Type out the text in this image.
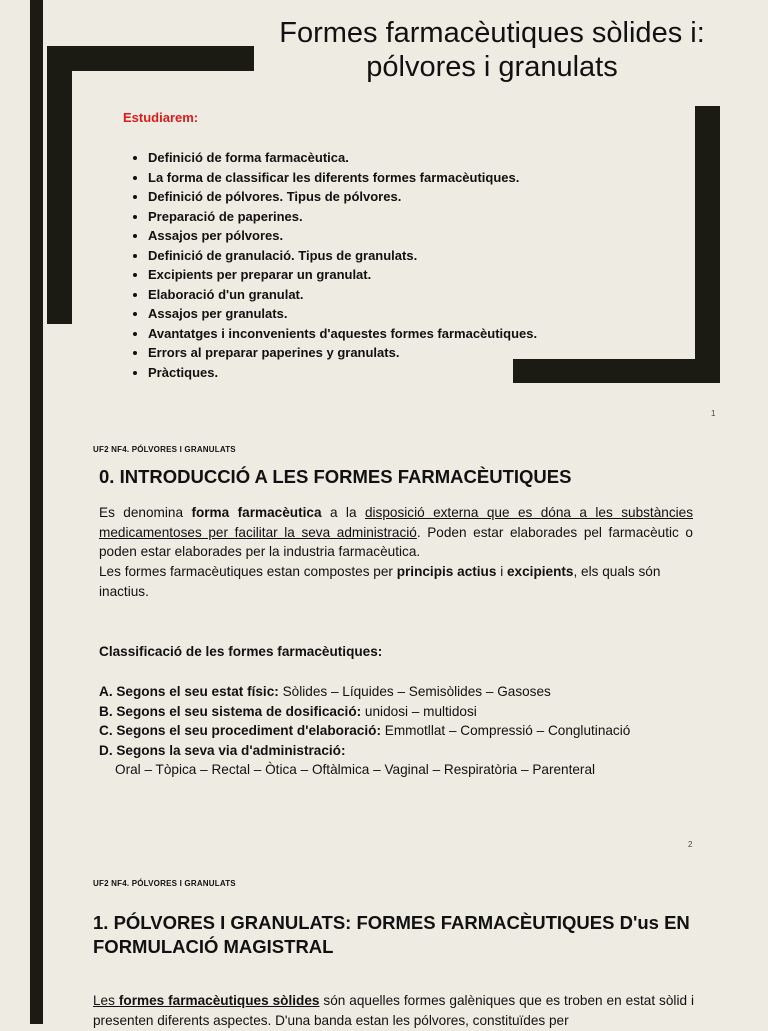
Formes farmacèutiques sòlides i:
pólvores i granulats
Estudiarem:
• Definició de forma farmacèutica.
• La forma de classificar les diferents formes farmacèutiques.
• Definició de pólvores. Tipus de pólvores.
• Preparació de paperines.
• Assajos per pólvores.
• Definició de granulació. Tipus de granulats.
• Excipients per preparar un granulat.
• Elaboració d'un granulat.
• Assajos per granulats.
• Avantatges i inconvenients d'aquestes formes farmacèutiques.
• Errors al preparar paperines y granulats.
• Pràctiques.
1
UF2 NF4. PÓLVORES I GRANULATS
0. INTRODUCCIÓ A LES FORMES FARMACÈUTIQUES
Es denomina forma farmacèutica a la disposició externa que es dóna a les substàncies medicamentoses per facilitar la seva administració. Poden estar elaborades pel farmacèutic o poden estar elaborades per la industria farmacèutica.
Les formes farmacèutiques estan compostes per principis actius i excipients, els quals són inactius.
Classificació de les formes farmacèutiques:
A. Segons el seu estat físic: Sòlides – Líquides – Semisòlides – Gasoses
B. Segons el seu sistema de dosificació: unidosi – multidosi
C. Segons el seu procediment d'elaboració: Emmotllat – Compressió – Conglutinació
D. Segons la seva via d'administració:
Oral – Tòpica – Rectal – Òtica – Oftàlmica – Vaginal – Respiratòria – Parenteral
2
UF2 NF4. PÓLVORES I GRANULATS
1. PÓLVORES I GRANULATS: FORMES FARMACÈUTIQUES D'us EN FORMULACIÓ MAGISTRAL
Les formes farmacèutiques sòlides són aquelles formes galèniques que es troben en estat sòlid i presenten diferents aspectes. D'una banda estan les pólvores, constituïdes per
